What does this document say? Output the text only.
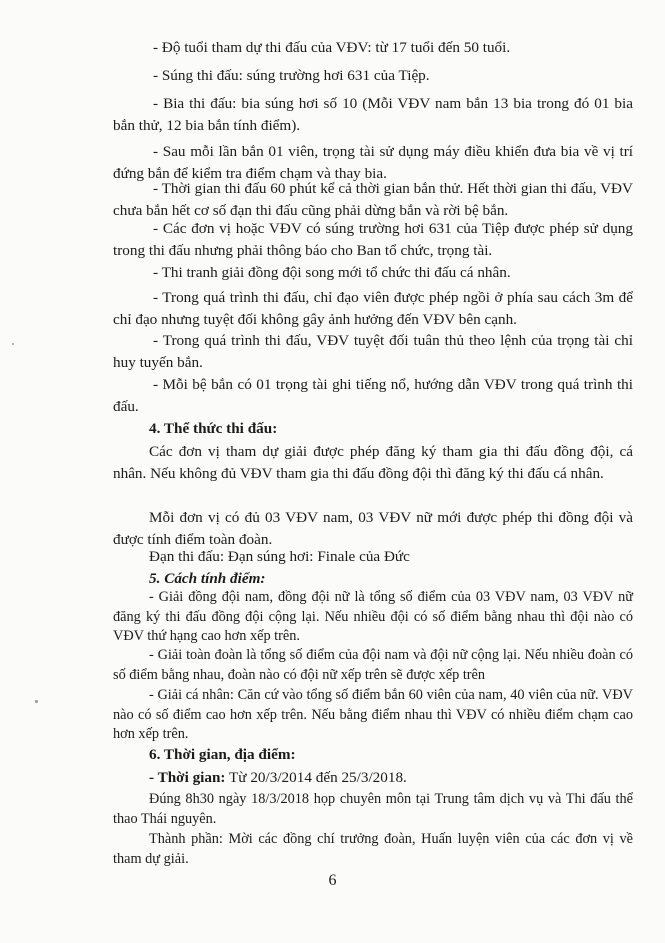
- Độ tuổi tham dự thi đấu của VĐV: từ 17 tuổi đến 50 tuổi.

- Súng thi đấu: súng trường hơi 631 của Tiệp.

- Bia thi đấu: bia súng hơi số 10 (Mỗi VĐV nam bắn 13 bia trong đó 01 bia bắn thử, 12 bia bắn tính điểm).

- Sau mỗi lần bắn 01 viên, trọng tài sử dụng máy điều khiển đưa bia về vị trí đứng bắn để kiểm tra điểm chạm và thay bia.

- Thời gian thi đấu 60 phút kể cả thời gian bắn thử. Hết thời gian thi đấu, VĐV chưa bắn hết cơ số đạn thi đấu cũng phải dừng bắn và rời bệ bắn.

- Các đơn vị hoặc VĐV có súng trường hơi 631 của Tiệp được phép sử dụng trong thi đấu nhưng phải thông báo cho Ban tổ chức, trọng tài.

- Thi tranh giải đồng đội song mới tổ chức thi đấu cá nhân.

- Trong quá trình thi đấu, chỉ đạo viên được phép ngồi ở phía sau cách 3m để chỉ đạo nhưng tuyệt đối không gây ảnh hưởng đến VĐV bên cạnh.

- Trong quá trình thi đấu, VĐV tuyệt đối tuân thủ theo lệnh của trọng tài chỉ huy tuyến bắn.

- Mỗi bệ bắn có 01 trọng tài ghi tiếng nổ, hướng dẫn VĐV trong quá trình thi đấu.

4. Thể thức thi đấu:

Các đơn vị tham dự giải được phép đăng ký tham gia thi đấu đồng đội, cá nhân. Nếu không đủ VĐV tham gia thi đấu đồng đội thì đăng ký thi đấu cá nhân.

Mỗi đơn vị có đủ 03 VĐV nam, 03 VĐV nữ mới được phép thi đồng đội và được tính điểm toàn đoàn.

Đạn thi đấu: Đạn súng hơi: Finale của Đức

5. Cách tính điểm:

- Giải đồng đội nam, đồng đội nữ là tổng số điểm của 03 VĐV nam, 03 VĐV nữ đăng ký thi đấu đồng đội cộng lại. Nếu nhiều đội có số điểm bằng nhau thì đội nào có VĐV thứ hạng cao hơn xếp trên.

- Giải toàn đoàn là tổng số điểm của đội nam và đội nữ cộng lại. Nếu nhiều đoàn có số điểm bằng nhau, đoàn nào có đội nữ xếp trên sẽ được xếp trên

- Giải cá nhân: Căn cứ vào tổng số điểm bắn 60 viên của nam, 40 viên của nữ. VĐV nào có số điểm cao hơn xếp trên. Nếu bằng điểm nhau thì VĐV có nhiều điểm chạm cao hơn xếp trên.

6. Thời gian, địa điểm:

- Thời gian: Từ 20/3/2014 đến 25/3/2018.

Đúng 8h30 ngày 18/3/2018 họp chuyên môn tại Trung tâm dịch vụ và Thi đấu thể thao Thái nguyên.

Thành phần: Mời các đồng chí trưởng đoàn, Huấn luyện viên của các đơn vị về tham dự giải.

6
